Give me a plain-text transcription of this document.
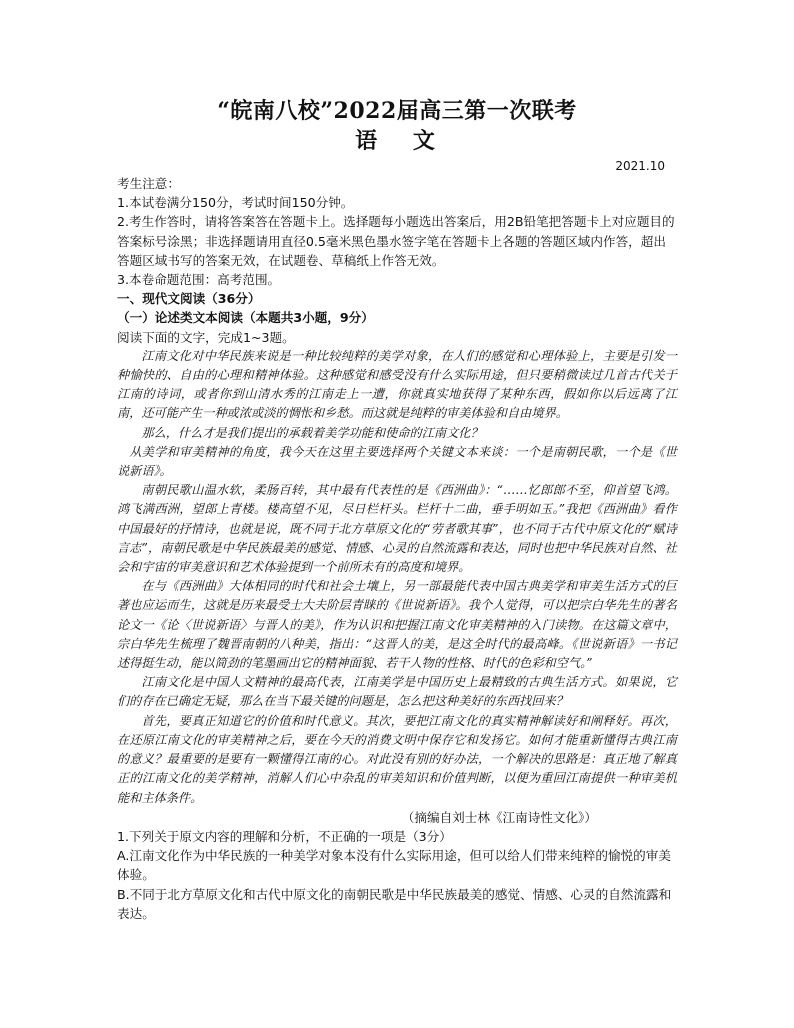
“皖南八校”2022届高三第一次联考
语 文
2021.10
考生注意：
1.本试卷满分150分，考试时间150分钟。
2.考生作答时，请将答案答在答题卡上。选择题每小题选出答案后，用2B铅笔把答题卡上对应题目的答案标号涂黑；非选择题请用直径0.5毫米黑色墨水签字笔在答题卡上各题的答题区域内作答，超出答题区域书写的答案无效，在试题卷、草稿纸上作答无效。
3.本卷命题范围：高考范围。
一、现代文阅读（36分）
（一）论述类文本阅读（本题共3小题，9分）
阅读下面的文字，完成1~3题。

江南文化对中华民族来说是一种比较纯粹的美学对象，在人们的感觉和心理体验上，主要是引发一种愉快的、自由的心理和精神体验。这种感觉和感受没有什么实际用途，但只要稍微读过几首古代关于江南的诗词，或者你到山清水秀的江南走上一遭，你就真实地获得了某种东西，假如你以后远离了江南，还可能产生一种或浓或淡的惆怅和乡愁。而这就是纯粹的审美体验和自由境界。

那么，什么才是我们提出的承载着美学功能和使命的江南文化？

从美学和审美精神的角度，我今天在这里主要选择两个关键文本来谈：一个是南朝民歌，一个是《世说新语》。

南朝民歌山温水软，柔肠百转，其中最有代表性的是《西洲曲》：“……忆郎郎不至，仰首望飞鸿。鸿飞满西洲，望郎上青楼。楼高望不见，尽日栏杆头。栏杆十二曲，垂手明如玉。”我把《西洲曲》看作中国最好的抒情诗，也就是说，既不同于北方草原文化的“劳者歌其事”，也不同于古代中原文化的“赋诗言志”，南朝民歌是中华民族最美的感觉、情感、心灵的自然流露和表达，同时也把中华民族对自然、社会和宇宙的审美意识和艺术体验提到一个前所未有的高度和境界。

在与《西洲曲》大体相同的时代和社会土壤上，另一部最能代表中国古典美学和审美生活方式的巨著也应运而生，这就是历来最受士大夫阶层青睐的《世说新语》。我个人觉得，可以把宗白华先生的著名论文一《论〈世说新语〉与晋人的美》，作为认识和把握江南文化审美精神的入门读物。在这篇文章中，宗白华先生梳理了魏晋南朝的八种美，指出：“这晋人的美，是这全时代的最高峰。《世说新语》一书记述得挺生动，能以简劲的笔墨画出它的精神面貌、若干人物的性格、时代的色彩和空气。”

江南文化是中国人文精神的最高代表，江南美学是中国历史上最精致的古典生活方式。如果说，它们的存在已确定无疑，那么在当下最关键的问题是，怎么把这种美好的东西找回来？

首先，要真正知道它的价值和时代意义。其次，要把江南文化的真实精神解读好和阐释好。再次，在还原江南文化的审美精神之后，要在今天的消费文明中保存它和发扬它。如何才能重新懂得古典江南的意义？最重要的是要有一颗懂得江南的心。对此没有别的好办法，一个解决的思路是：真正地了解真正的江南文化的美学精神，消解人们心中杂乱的审美知识和价值判断，以便为重回江南提供一种审美机能和主体条件。

（摘编自刘士林《江南诗性文化》）
1.下列关于原文内容的理解和分析，不正确的一项是（3分）
A.江南文化作为中华民族的一种美学对象本没有什么实际用途，但可以给人们带来纯粹的愉悦的审美体验。
B.不同于北方草原文化和古代中原文化的南朝民歌是中华民族最美的感觉、情感、心灵的自然流露和表达。
